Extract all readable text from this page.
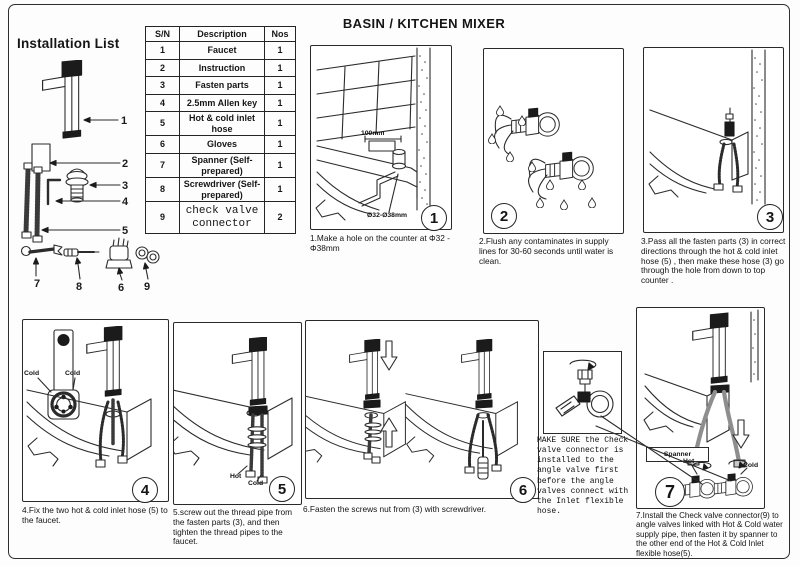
Installation List
BASIN / KITCHEN MIXER
1
2
3
4
5
7	8	6 9
S/N	Description	Nos
1	Faucet	1
2	Instruction	1
3	Fasten parts	1
4	2.5mm Allen key	1
5	Hot & cold inlet hose	1
6	Gloves	1
7	Spanner (Self-prepared)	1
8	Screwdriver (Self-prepared)	1
9	check valve connector	2
100mm
Ø32-Ø38mm	1
1.Make a hole on the counter at Φ32 - Φ38mm
2
2.Flush any contaminates in supply lines for 30-60 seconds until water is clean.
3
3.Pass all the fasten parts (3) in correct directions through the hot & cold inlet hose (5) , then make these hose (3) go through the hole from down to top counter .
Cold	Cold
4
4.Fix the two hot & cold inlet hose (5) to the faucet.
Hot
Cold 5
5.screw out the thread pipe from the fasten parts (3), and then tighten the thread pipes to the faucet.
6
6.Fasten the screws nut from (3) with screwdriver.
Spanner
Hot
Cold
7
7.Install the Check valve connector(9) to angle valves linked with Hot & Cold water supply pipe, then fasten it by spanner to the other end of the Hot & Cold Inlet flexible hose(5).
MAKE SURE the Check valve connector is installed to the angle valve first before the angle valves connect with the Inlet flexible hose.
